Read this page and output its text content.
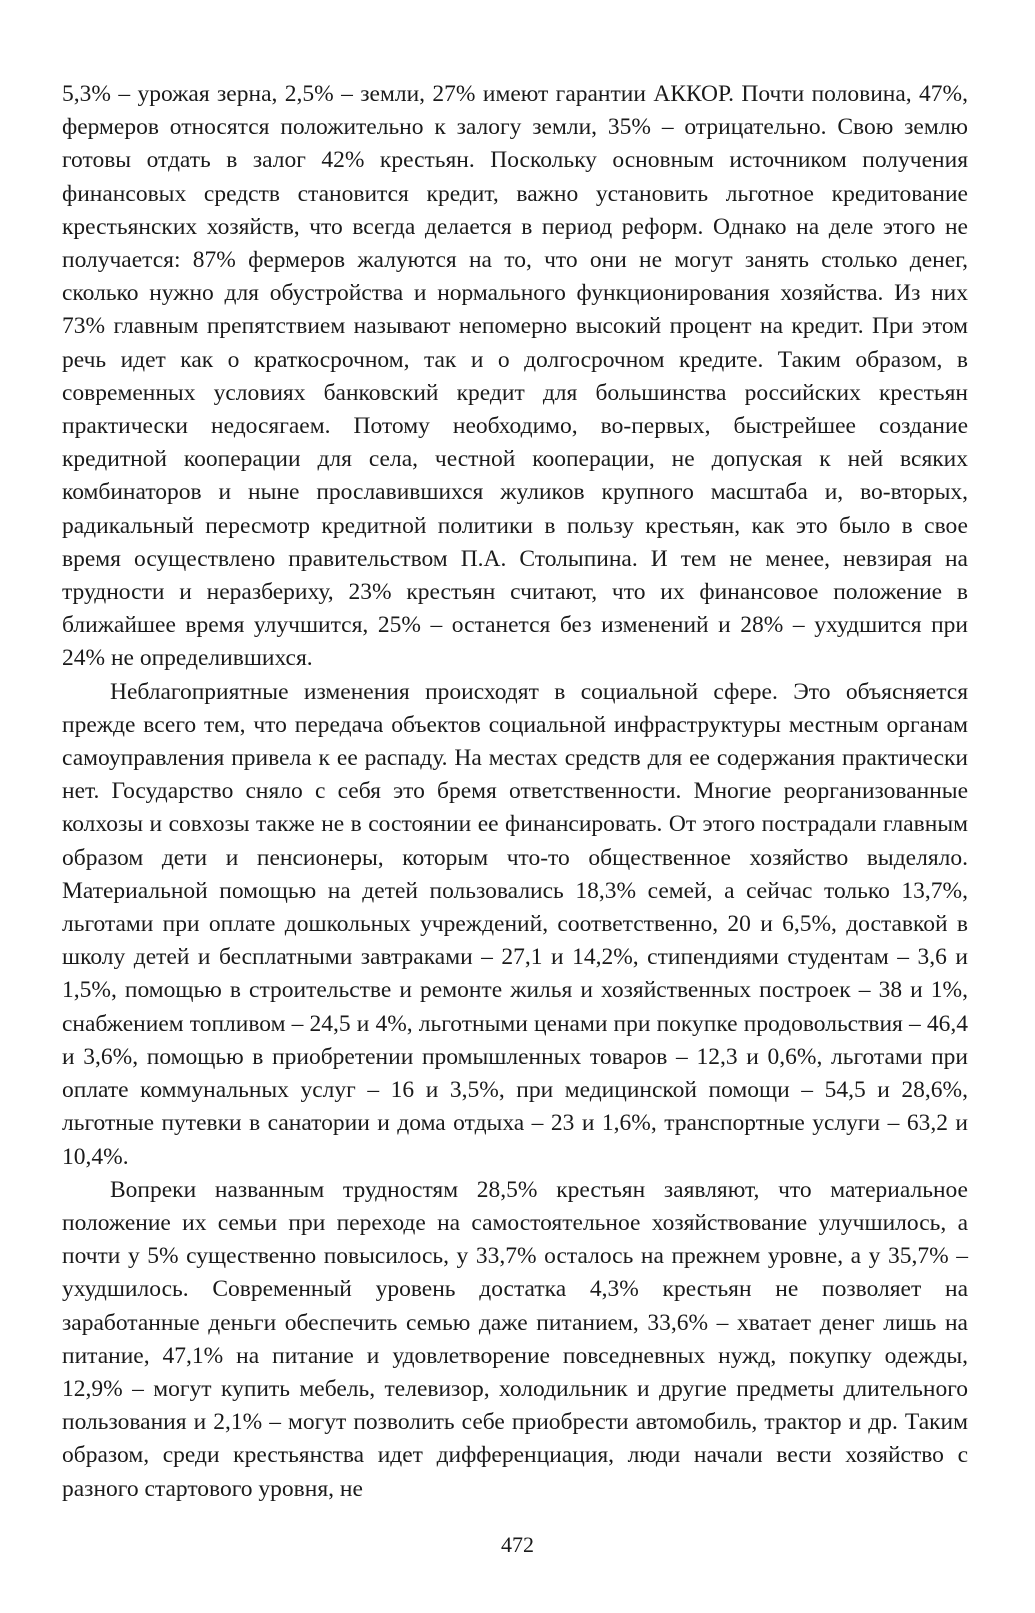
5,3% – урожая зерна, 2,5% – земли, 27% имеют гарантии АККОР. Почти половина, 47%, фермеров относятся положительно к залогу земли, 35% – отрицательно. Свою землю готовы отдать в залог 42% крестьян. Поскольку основным источником получения финансовых средств становится кредит, важно установить льготное кредитование крестьянских хозяйств, что всегда делается в период реформ. Однако на деле этого не получается: 87% фермеров жалуются на то, что они не могут занять столько денег, сколько нужно для обустройства и нормального функционирования хозяйства. Из них 73% главным препятствием называют непомерно высокий процент на кредит. При этом речь идет как о краткосрочном, так и о долгосрочном кредите. Таким образом, в современных условиях банковский кредит для большинства российских крестьян практически недосягаем. Потому необходимо, во-первых, быстрейшее создание кредитной кооперации для села, честной кооперации, не допуская к ней всяких комбинаторов и ныне прославившихся жуликов крупного масштаба и, во-вторых, радикальный пересмотр кредитной политики в пользу крестьян, как это было в свое время осуществлено правительством П.А. Столыпина. И тем не менее, невзирая на трудности и неразбериху, 23% крестьян считают, что их финансовое положение в ближайшее время улучшится, 25% – останется без изменений и 28% – ухудшится при 24% не определившихся.

Неблагоприятные изменения происходят в социальной сфере. Это объясняется прежде всего тем, что передача объектов социальной инфраструктуры местным органам самоуправления привела к ее распаду. На местах средств для ее содержания практически нет. Государство сняло с себя это бремя ответственности. Многие реорганизованные колхозы и совхозы также не в состоянии ее финансировать. От этого пострадали главным образом дети и пенсионеры, которым что-то общественное хозяйство выделяло. Материальной помощью на детей пользовались 18,3% семей, а сейчас только 13,7%, льготами при оплате дошкольных учреждений, соответственно, 20 и 6,5%, доставкой в школу детей и бесплатными завтраками – 27,1 и 14,2%, стипендиями студентам – 3,6 и 1,5%, помощью в строительстве и ремонте жилья и хозяйственных построек – 38 и 1%, снабжением топливом – 24,5 и 4%, льготными ценами при покупке продовольствия – 46,4 и 3,6%, помощью в приобретении промышленных товаров – 12,3 и 0,6%, льготами при оплате коммунальных услуг – 16 и 3,5%, при медицинской помощи – 54,5 и 28,6%, льготные путевки в санатории и дома отдыха – 23 и 1,6%, транспортные услуги – 63,2 и 10,4%.

Вопреки названным трудностям 28,5% крестьян заявляют, что материальное положение их семьи при переходе на самостоятельное хозяйствование улучшилось, а почти у 5% существенно повысилось, у 33,7% осталось на прежнем уровне, а у 35,7% – ухудшилось. Современный уровень достатка 4,3% крестьян не позволяет на заработанные деньги обеспечить семью даже питанием, 33,6% – хватает денег лишь на питание, 47,1% на питание и удовлетворение повседневных нужд, покупку одежды, 12,9% – могут купить мебель, телевизор, холодильник и другие предметы длительного пользования и 2,1% – могут позволить себе приобрести автомобиль, трактор и др. Таким образом, среди крестьянства идет дифференциация, люди начали вести хозяйство с разного стартового уровня, не

472
